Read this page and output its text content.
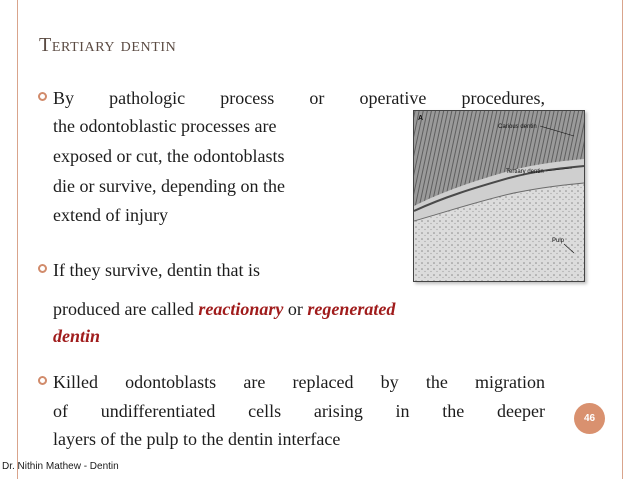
Tertiary dentin
By pathologic process or operative procedures,
the odontoblastic processes are
exposed or cut, the odontoblasts
die or survive, depending on the
extend of injury
A
Carious dentin
Tertiary dentin
Pulp
If they survive, dentin that is
produced are called reactionary or regenerated
dentin
Killed odontoblasts are replaced by the migration
of undifferentiated cells arising in the deeper
layers of the pulp to the dentin interface
46
Dr. Nithin Mathew - Dentin
